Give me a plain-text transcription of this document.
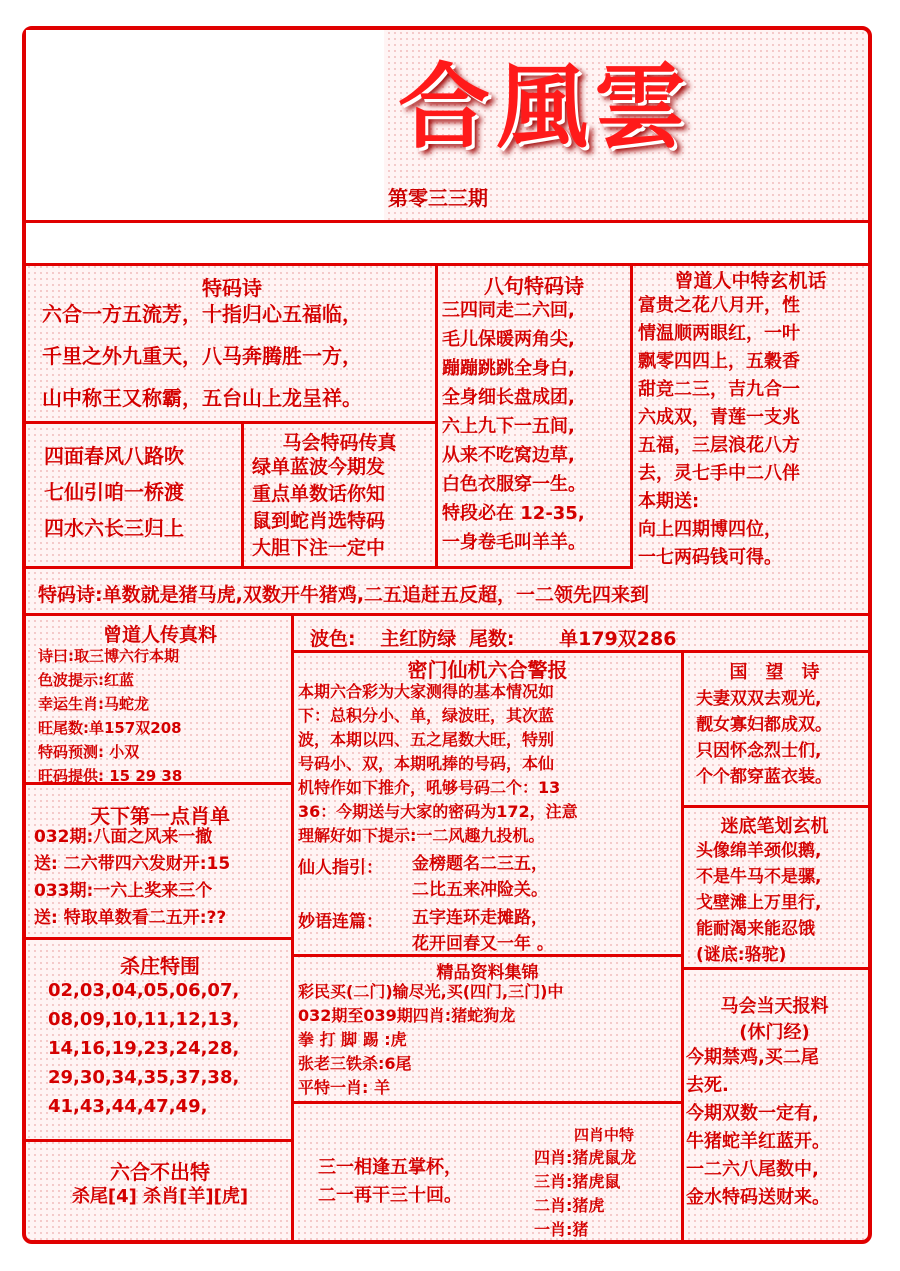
合風雲
第零三三期
特码诗
六合一方五流芳，十指归心五福临，
千里之外九重天，八马奔腾胜一方，
山中称王又称霸，五台山上龙呈祥。
四面春风八路吹
七仙引咱一桥渡
四水六长三归上
马会特码传真
绿单蓝波今期发
重点单数话你知
鼠到蛇肖选特码
大胆下注一定中
八句特码诗
三四同走二六回,
毛儿保暖两角尖,
蹦蹦跳跳全身白,
全身细长盘成团,
六上九下一五间,
从来不吃窝边草,
白色衣服穿一生。
特段必在 12-35,
一身卷毛叫羊羊。
曾道人中特玄机话
富贵之花八月开，性
情温顺两眼红，一叶
飘零四四上，五穀香
甜竞二三，吉九合一
六成双，青莲一支兆
五福，三层浪花八方
去，灵七手中二八伴
本期送:
向上四期博四位，
一七两码钱可得。
特码诗:单数就是猪马虎,双数开牛猪鸡,二五追赶五反超，一二领先四来到
曾道人传真料
诗曰:取三博六行本期
色波提示:红蓝
幸运生肖:马蛇龙
旺尾数:单157双208
特码预测: 小双
旺码提供: 15 29 38
天下第一点肖单
032期:八面之风来一撤
送: 二六带四六发财开:15
033期:一六上奖来三个
送: 特取单数看二五开:??
杀庄特围
02,03,04,05,06,07,
08,09,10,11,12,13,
14,16,19,23,24,28,
29,30,34,35,37,38,
41,43,44,47,49,
六合不出特
杀尾[4] 杀肖[羊][虎]
波色: 主红防绿 尾数: 单179双286
密门仙机六合警报
本期六合彩为大家测得的基本情况如
下：总积分小、单，绿波旺，其次蓝
波，本期以四、五之尾数大旺，特别
号码小、双，本期吼捧的号码，本仙
机特作如下推介，吼够号码二个：13
36：今期送与大家的密码为172，注意
理解好如下提示:一二风趣九投机。
仙人指引： 金榜题名二三五，
二比五来冲险关。
妙语连篇： 五字连环走摊路，
花开回春又一年 。
精品资料集锦
彩民买(二门)输尽光,买(四门,三门)中
032期至039期四肖:猪蛇狗龙
拳 打 脚 踢 :虎
张老三铁杀:6尾
平特一肖: 羊
三一相逢五掌杯，
二一再干三十回。
四肖中特
四肖:猪虎鼠龙
三肖:猪虎鼠
二肖:猪虎
一肖:猪
国　望　诗
夫妻双双去观光,
靓女寡妇都成双。
只因怀念烈士们,
个个都穿蓝衣装。
迷底笔划玄机
头像绵羊颈似鹅,
不是牛马不是骡,
戈壁滩上万里行,
能耐渴来能忍饿
(谜底:骆驼)
马会当天报料
(休门经)
今期禁鸡,买二尾
去死.
今期双数一定有,
牛猪蛇羊红蓝开。
一二六八尾数中,
金水特码送财来。
